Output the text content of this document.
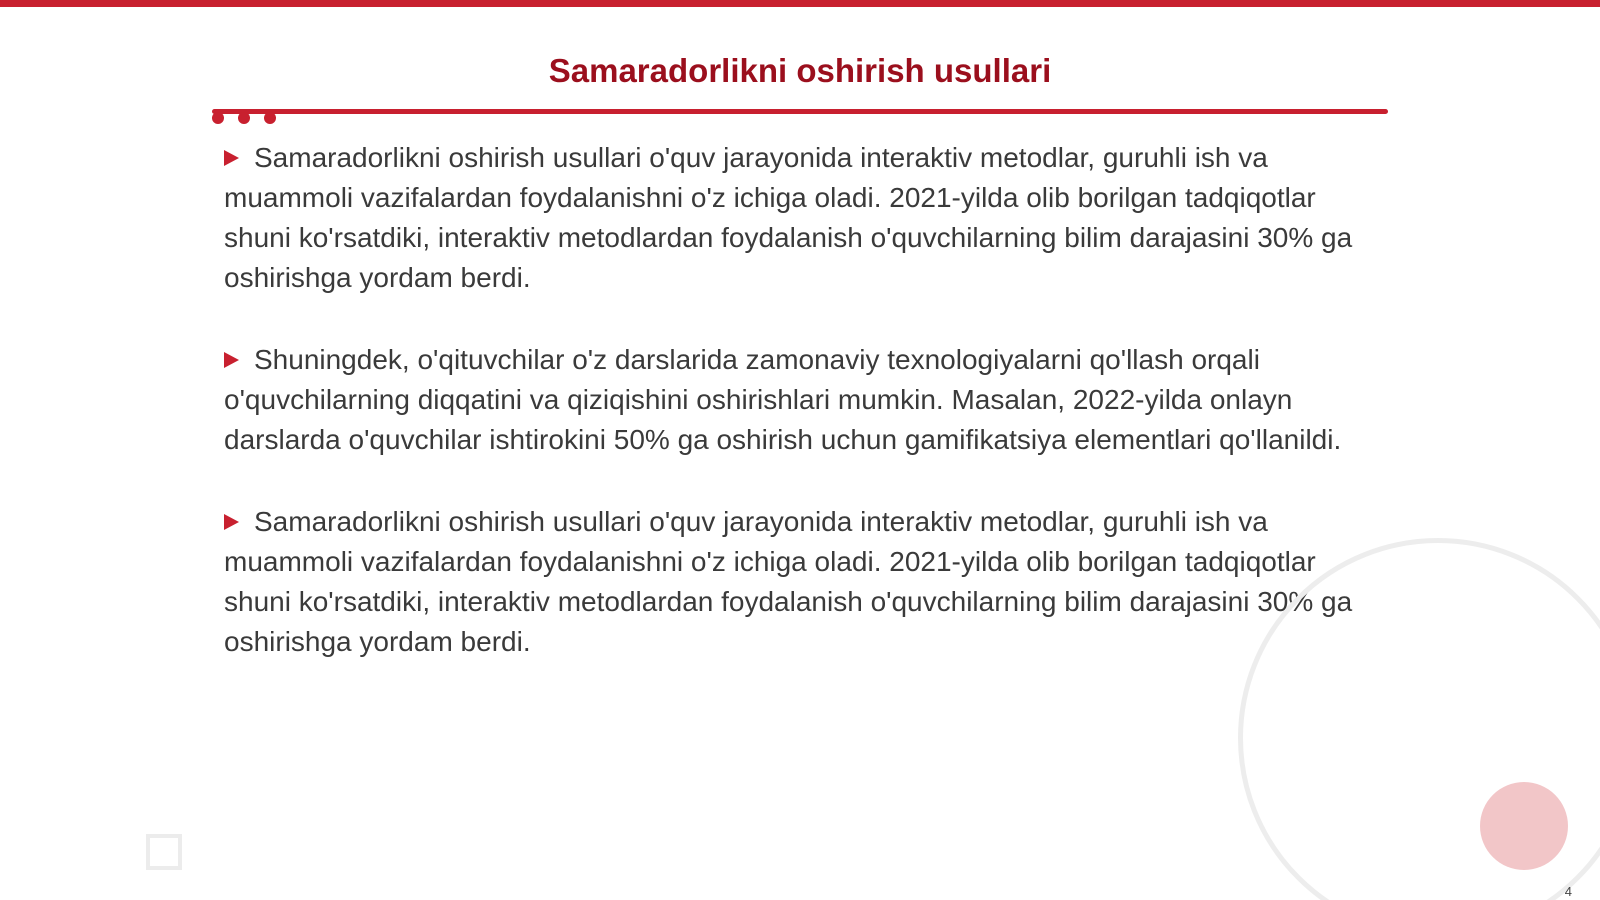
Samaradorlikni oshirish usullari

Samaradorlikni oshirish usullari o'quv jarayonida interaktiv metodlar, guruhli ish va muammoli vazifalardan foydalanishni o'z ichiga oladi. 2021-yilda olib borilgan tadqiqotlar shuni ko'rsatdiki, interaktiv metodlardan foydalanish o'quvchilarning bilim darajasini 30% ga oshirishga yordam berdi.

Shuningdek, o'qituvchilar o'z darslarida zamonaviy texnologiyalarni qo'llash orqali o'quvchilarning diqqatini va qiziqishini oshirishlari mumkin. Masalan, 2022-yilda onlayn darslarda o'quvchilar ishtirokini 50% ga oshirish uchun gamifikatsiya elementlari qo'llanildi.

Samaradorlikni oshirish usullari o'quv jarayonida interaktiv metodlar, guruhli ish va muammoli vazifalardan foydalanishni o'z ichiga oladi. 2021-yilda olib borilgan tadqiqotlar shuni ko'rsatdiki, interaktiv metodlardan foydalanish o'quvchilarning bilim darajasini 30% ga oshirishga yordam berdi.

4
